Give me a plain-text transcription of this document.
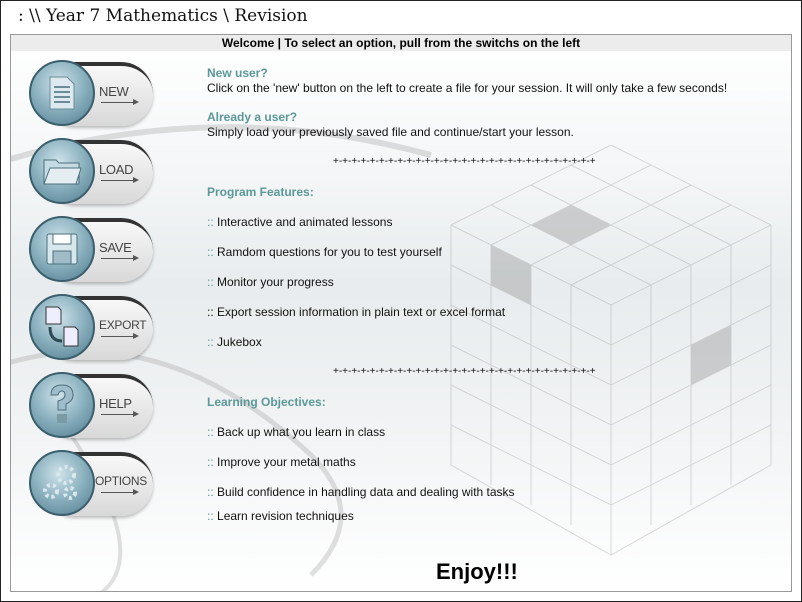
: \\ Year 7 Mathematics \ Revision
Welcome | To select an option, pull from the switchs on the left
NEW
LOAD
SAVE
EXPORT
HELP
OPTIONS
New user?
Click on the 'new' button on the left to create a file for your session. It will only take a few seconds!
Already a user?
Simply load your previously saved file and continue/start your lesson.
+-+-+-+-+-+-+-+-+-+-+-+-+-+-+-+-+-+-+-+-+-+-+-+-+-+-+-+-+
Program Features:
:: Interactive and animated lessons
:: Ramdom questions for you to test yourself
:: Monitor your progress
:: Export session information in plain text or excel format
:: Jukebox
+-+-+-+-+-+-+-+-+-+-+-+-+-+-+-+-+-+-+-+-+-+-+-+-+-+-+-+-+
Learning Objectives:
:: Back up what you learn in class
:: Improve your metal maths
:: Build confidence in handling data and dealing with tasks
:: Learn revision techniques
Enjoy!!!
